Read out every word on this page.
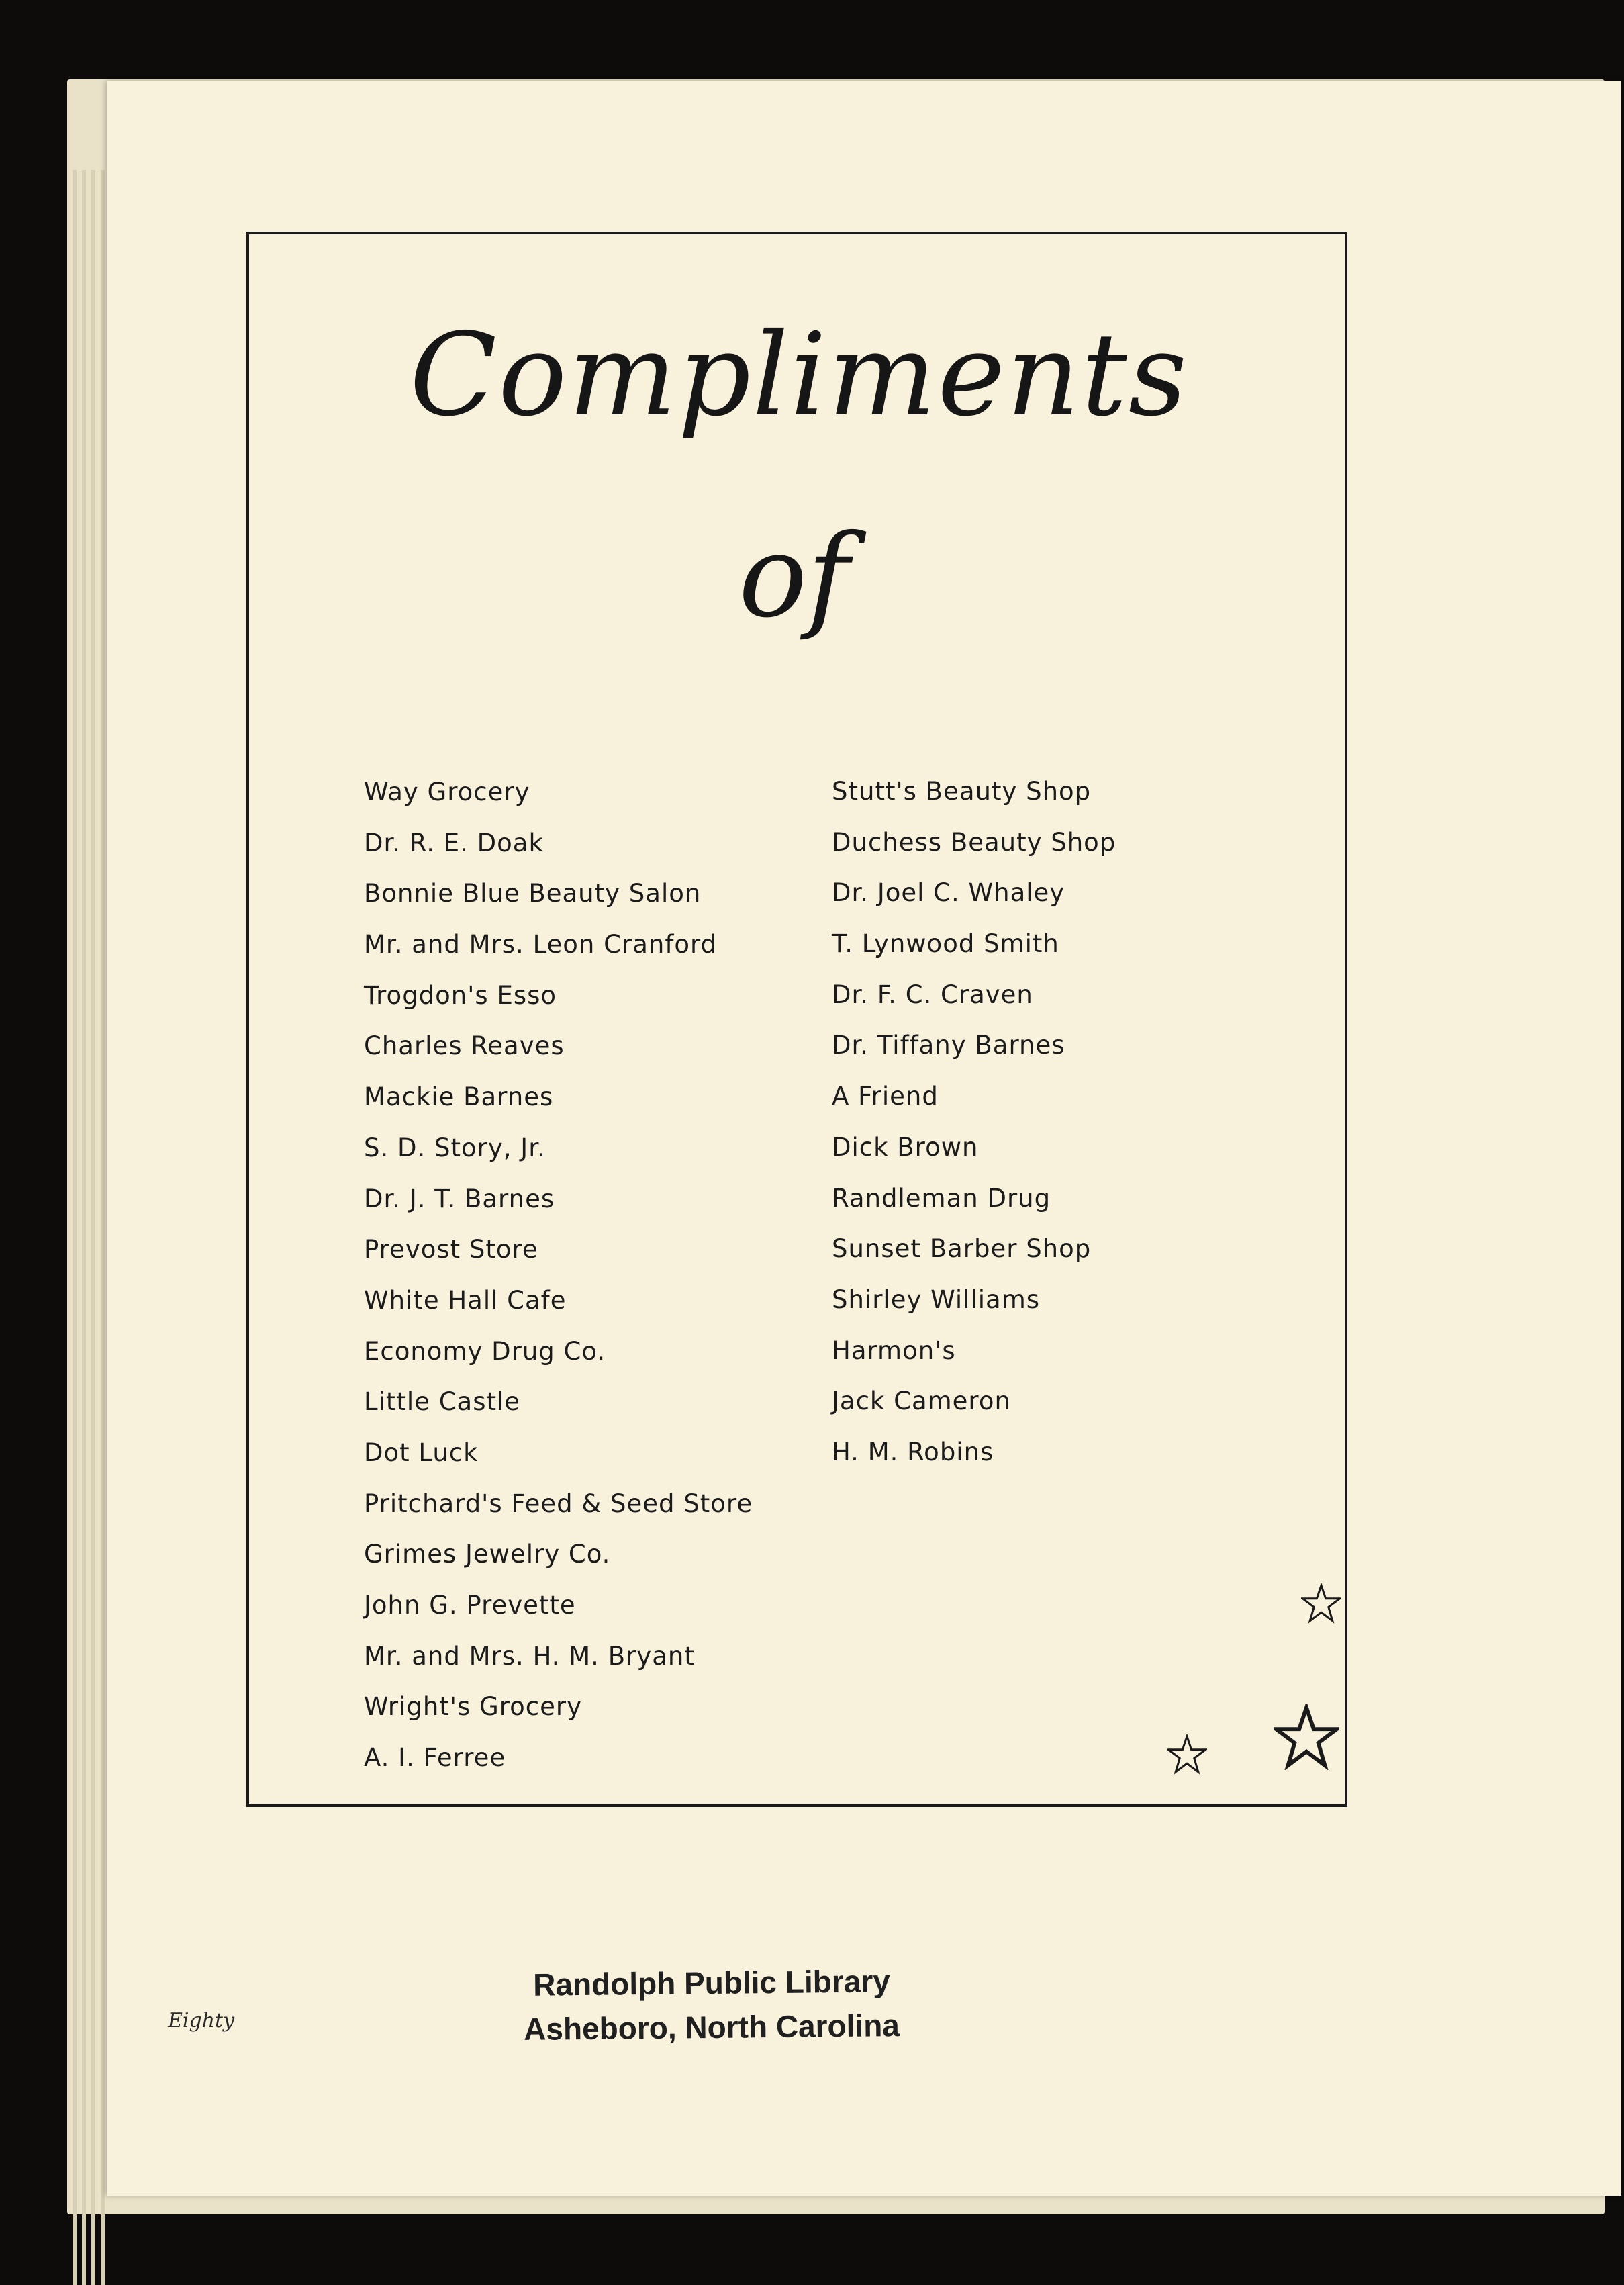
Compliments
of
Way Grocery
Dr. R. E. Doak
Bonnie Blue Beauty Salon
Mr. and Mrs. Leon Cranford
Trogdon's Esso
Charles Reaves
Mackie Barnes
S. D. Story, Jr.
Dr. J. T. Barnes
Prevost Store
White Hall Cafe
Economy Drug Co.
Little Castle
Dot Luck
Pritchard's Feed & Seed Store
Grimes Jewelry Co.
John G. Prevette
Mr. and Mrs. H. M. Bryant
Wright's Grocery
A. I. Ferree
Stutt's Beauty Shop
Duchess Beauty Shop
Dr. Joel C. Whaley
T. Lynwood Smith
Dr. F. C. Craven
Dr. Tiffany Barnes
A Friend
Dick Brown
Randleman Drug
Sunset Barber Shop
Shirley Williams
Harmon's
Jack Cameron
H. M. Robins
Eighty
Randolph Public Library
Asheboro, North Carolina
